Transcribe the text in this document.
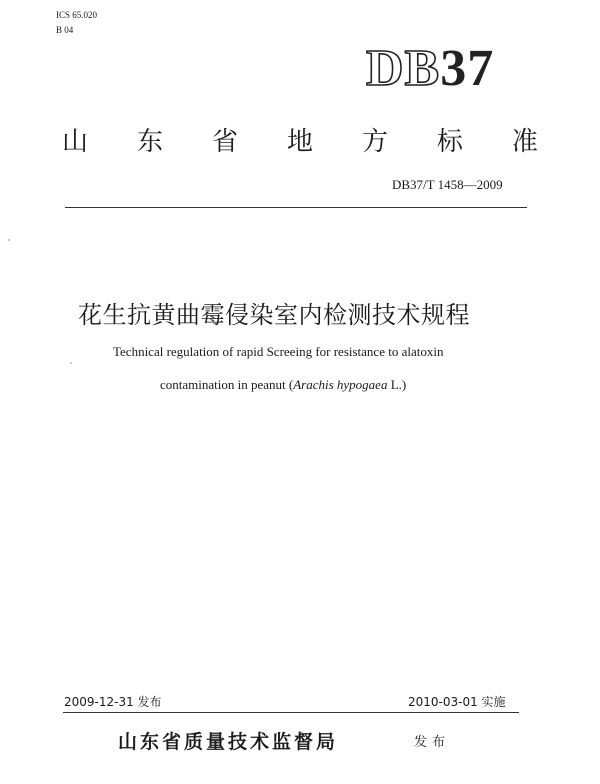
ICS 65.020
B 04
DB37
山 东 省 地 方 标 准
DB37/T 1458—2009
花生抗黄曲霉侵染室内检测技术规程
Technical regulation of rapid Screeing for resistance to alatoxin
contamination in peanut (Arachis hypogaea L.)
2009-12-31 发布	2010-03-01 实施
山东省质量技术监督局	发布
